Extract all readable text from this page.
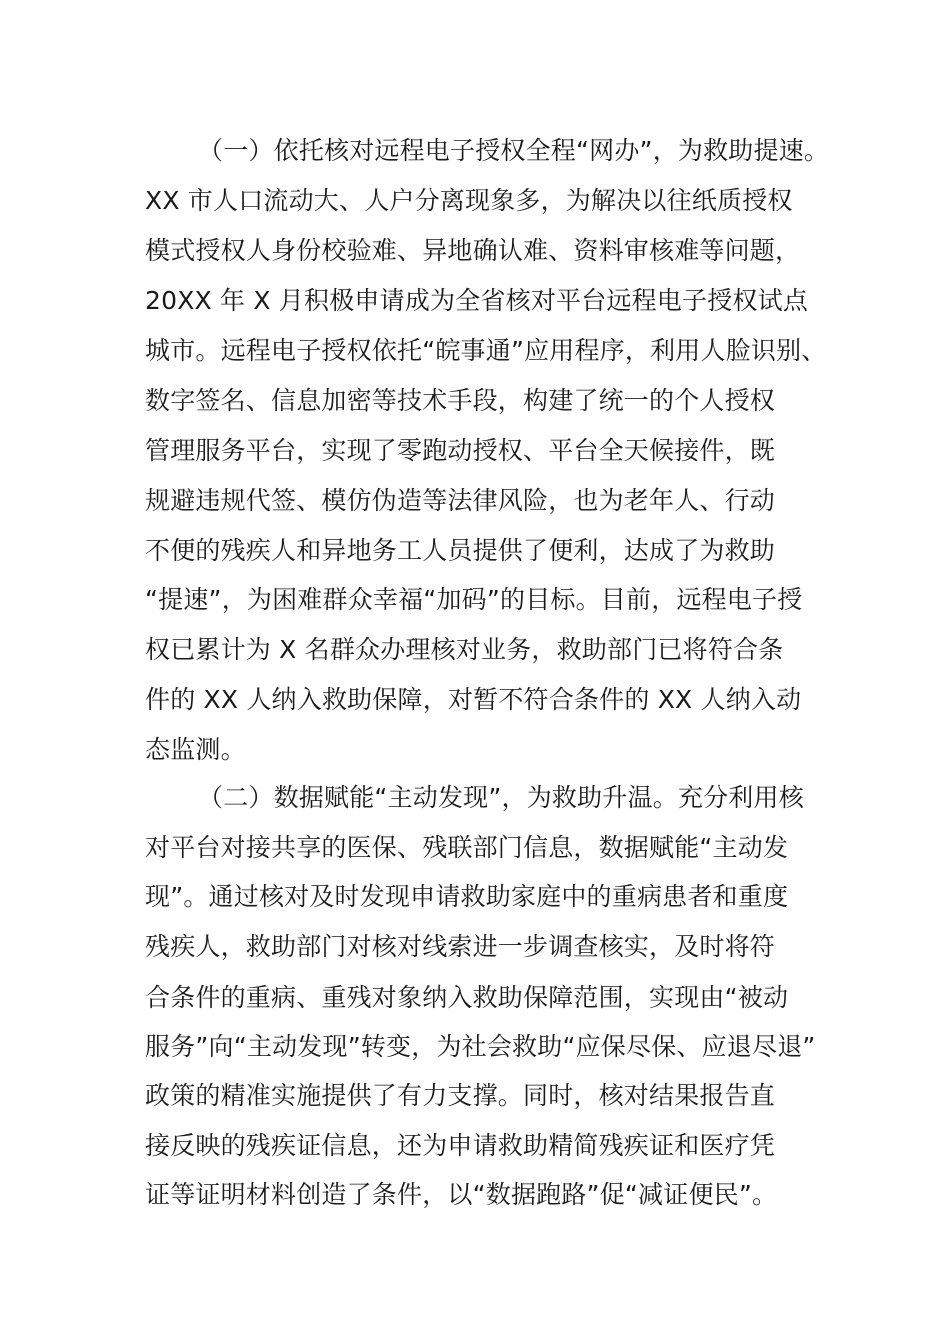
（一）依托核对远程电子授权全程“网办”，为救助提速。
XX 市人口流动大、人户分离现象多，为解决以往纸质授权
模式授权人身份校验难、异地确认难、资料审核难等问题，
20XX 年 X 月积极申请成为全省核对平台远程电子授权试点
城市。远程电子授权依托“皖事通”应用程序，利用人脸识别、
数字签名、信息加密等技术手段，构建了统一的个人授权
管理服务平台，实现了零跑动授权、平台全天候接件，既
规避违规代签、模仿伪造等法律风险，也为老年人、行动
不便的残疾人和异地务工人员提供了便利，达成了为救助
“提速”，为困难群众幸福“加码”的目标。目前，远程电子授
权已累计为 X 名群众办理核对业务，救助部门已将符合条
件的 XX 人纳入救助保障，对暂不符合条件的 XX 人纳入动
态监测。
（二）数据赋能“主动发现”，为救助升温。充分利用核
对平台对接共享的医保、残联部门信息，数据赋能“主动发
现”。通过核对及时发现申请救助家庭中的重病患者和重度
残疾人，救助部门对核对线索进一步调查核实，及时将符
合条件的重病、重残对象纳入救助保障范围，实现由“被动
服务”向“主动发现”转变，为社会救助“应保尽保、应退尽退”
政策的精准实施提供了有力支撑。同时，核对结果报告直
接反映的残疾证信息，还为申请救助精简残疾证和医疗凭
证等证明材料创造了条件，以“数据跑路”促“减证便民”。
